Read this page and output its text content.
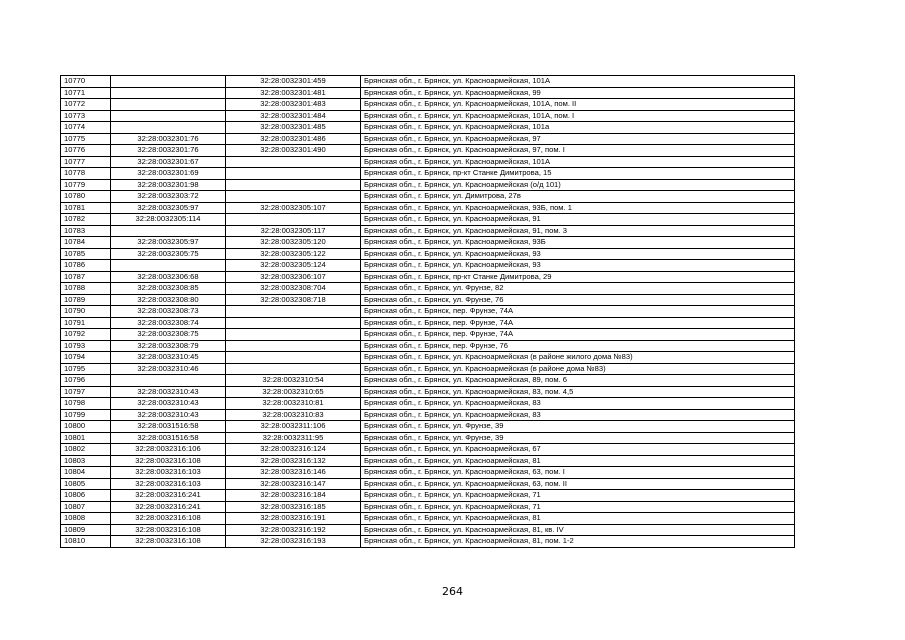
10770		32:28:0032301:459	Брянская обл., г. Брянск, ул. Красноармейская, 101А
10771		32:28:0032301:481	Брянская обл., г. Брянск, ул. Красноармейская, 99
10772		32:28:0032301:483	Брянская обл., г. Брянск, ул. Красноармейская, 101А, пом. II
10773		32:28:0032301:484	Брянская обл., г. Брянск, ул. Красноармейская, 101А, пом. I
10774		32:28:0032301:485	Брянская обл., г. Брянск, ул. Красноармейская, 101а
10775	32:28:0032301:76	32:28:0032301:486	Брянская обл., г. Брянск, ул. Красноармейская, 97
10776	32:28:0032301:76	32:28:0032301:490	Брянская обл., г. Брянск, ул. Красноармейская, 97, пом. I
10777	32:28:0032301:67		Брянская обл., г. Брянск, ул. Красноармейская, 101А
10778	32:28:0032301:69		Брянская обл., г. Брянск, пр-кт Станке Димитрова, 15
10779	32:28:0032301:98		Брянская обл., г. Брянск, ул. Красноармейская (о/д 101)
10780	32:28:0032303:72		Брянская обл., г. Брянск, ул. Димитрова, 27в
10781	32:28:0032305:97	32:28:0032305:107	Брянская обл., г. Брянск, ул. Красноармейская, 93Б, пом. 1
10782	32:28:0032305:114		Брянская обл., г. Брянск, ул. Красноармейская, 91
10783		32:28:0032305:117	Брянская обл., г. Брянск, ул. Красноармейская, 91, пом. 3
10784	32:28:0032305:97	32:28:0032305:120	Брянская обл., г. Брянск, ул. Красноармейская, 93Б
10785	32:28:0032305:75	32:28:0032305:122	Брянская обл., г. Брянск, ул. Красноармейская, 93
10786		32:28:0032305:124	Брянская обл., г. Брянск, ул. Красноармейская, 93
10787	32:28:0032306:68	32:28:0032306:107	Брянская обл., г. Брянск, пр-кт Станке Димитрова, 29
10788	32:28:0032308:85	32:28:0032308:704	Брянская обл., г. Брянск, ул. Фрунзе, 82
10789	32:28:0032308:80	32:28:0032308:718	Брянская обл., г. Брянск, ул. Фрунзе, 76
10790	32:28:0032308:73		Брянская обл., г. Брянск, пер. Фрунзе, 74А
10791	32:28:0032308:74		Брянская обл., г. Брянск, пер. Фрунзе, 74А
10792	32:28:0032308:75		Брянская обл., г. Брянск, пер. Фрунзе, 74А
10793	32:28:0032308:79		Брянская обл., г. Брянск, пер. Фрунзе, 76
10794	32:28:0032310:45		Брянская обл., г. Брянск, ул. Красноармейская (в районе жилого дома №83)
10795	32:28:0032310:46		Брянская обл., г. Брянск, ул. Красноармейская (в районе дома №83)
10796		32:28:0032310:54	Брянская обл., г. Брянск, ул. Красноармейская, 89, пом. 6
10797	32:28:0032310:43	32:28:0032310:65	Брянская обл., г. Брянск, ул. Красноармейская, 83, пом. 4,5
10798	32:28:0032310:43	32:28:0032310:81	Брянская обл., г. Брянск, ул. Красноармейская, 83
10799	32:28:0032310:43	32:28:0032310:83	Брянская обл., г. Брянск, ул. Красноармейская, 83
10800	32:28:0031516:58	32:28:0032311:106	Брянская обл., г. Брянск, ул. Фрунзе, 39
10801	32:28:0031516:58	32:28:0032311:95	Брянская обл., г. Брянск, ул. Фрунзе, 39
10802	32:28:0032316:106	32:28:0032316:124	Брянская обл., г. Брянск, ул. Красноармейская, 67
10803	32:28:0032316:108	32:28:0032316:132	Брянская обл., г. Брянск, ул. Красноармейская, 81
10804	32:28:0032316:103	32:28:0032316:146	Брянская обл., г. Брянск, ул. Красноармейская, 63, пом. I
10805	32:28:0032316:103	32:28:0032316:147	Брянская обл., г. Брянск, ул. Красноармейская, 63, пом. II
10806	32:28:0032316:241	32:28:0032316:184	Брянская обл., г. Брянск, ул. Красноармейская, 71
10807	32:28:0032316:241	32:28:0032316:185	Брянская обл., г. Брянск, ул. Красноармейская, 71
10808	32:28:0032316:108	32:28:0032316:191	Брянская обл., г. Брянск, ул. Красноармейская, 81
10809	32:28:0032316:108	32:28:0032316:192	Брянская обл., г. Брянск, ул. Красноармейская, 81, кв. IV
10810	32:28:0032316:108	32:28:0032316:193	Брянская обл., г. Брянск, ул. Красноармейская, 81, пом. 1-2
264
